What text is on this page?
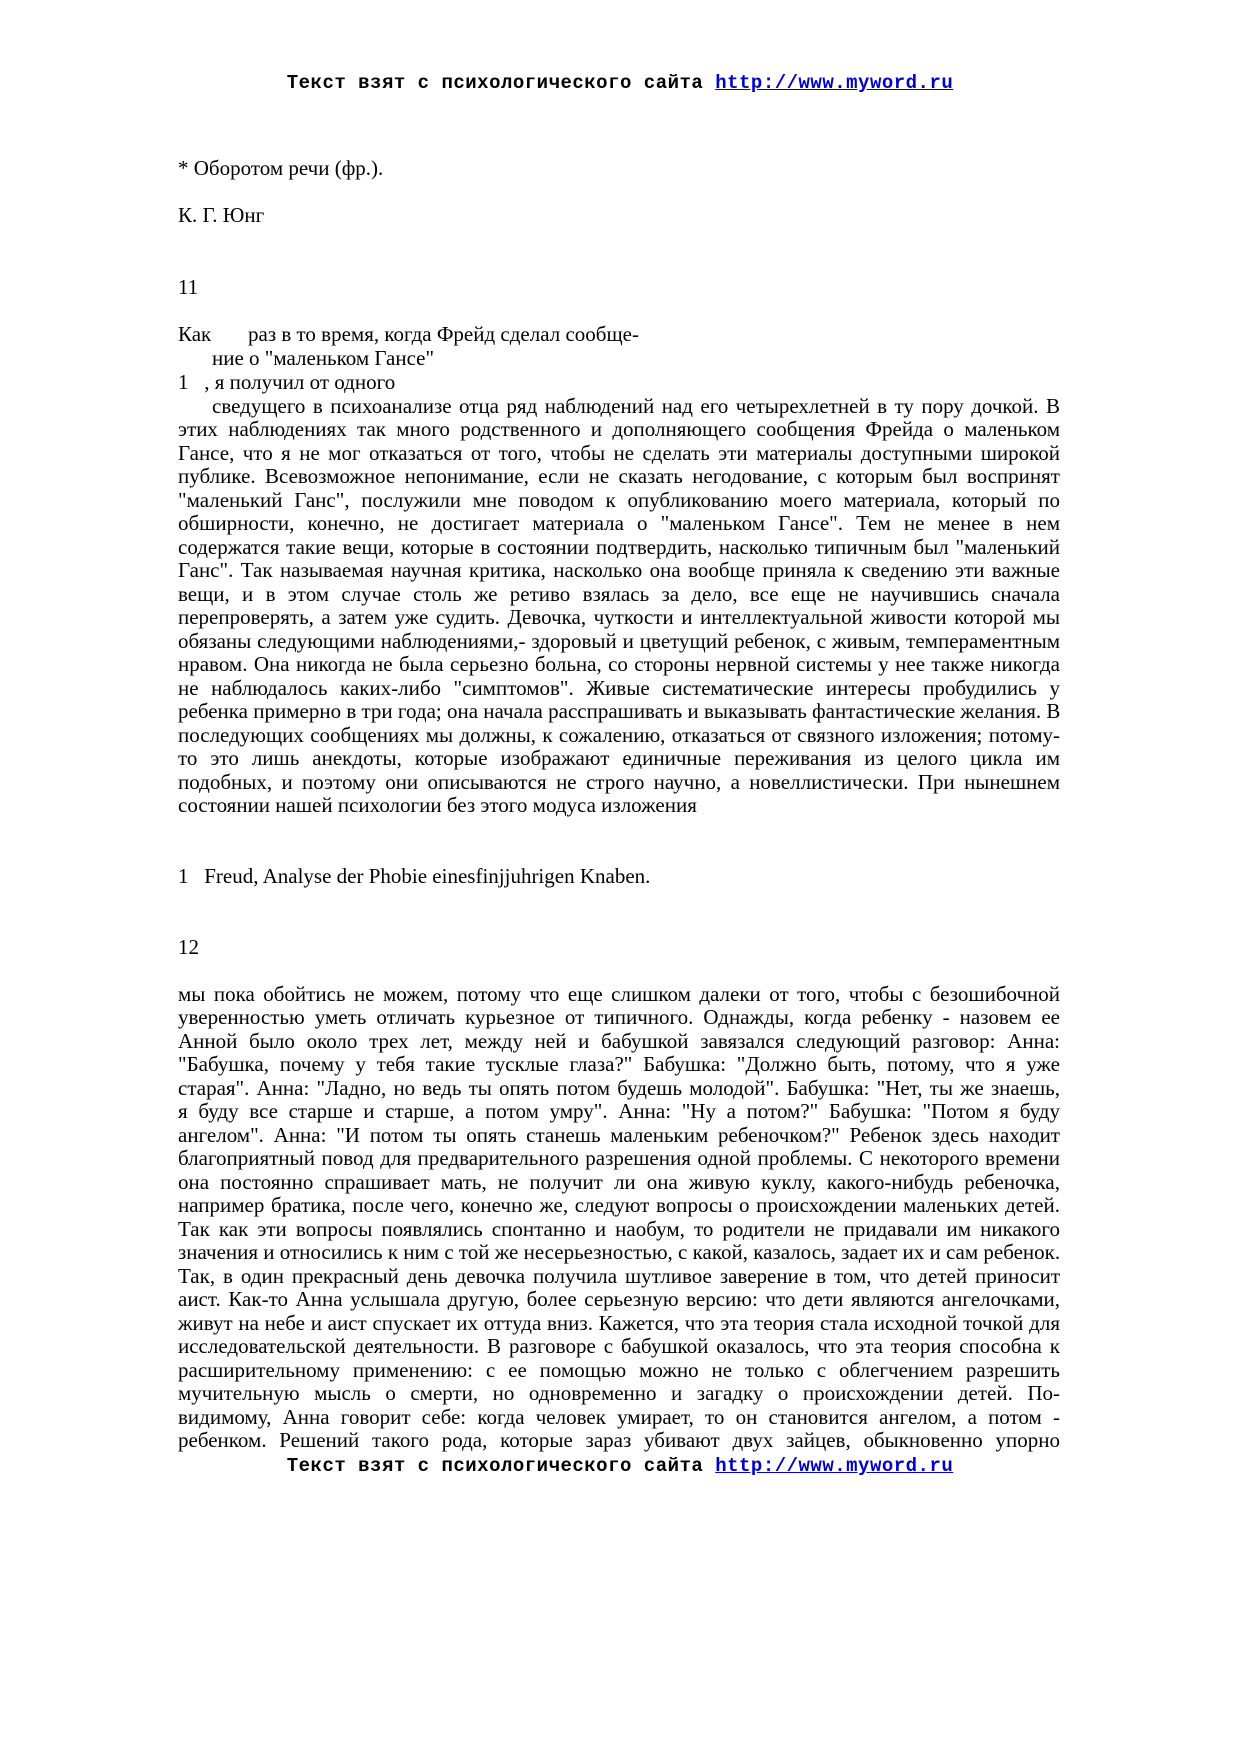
Текст взят с психологического сайта http://www.myword.ru
* Оборотом речи (фр.).
К. Г. Юнг
11
Как       раз в то время, когда Фрейд сделал сообще-
ние о "маленьком Гансе"
1   , я получил от одного
сведущего в психоанализе отца ряд наблюдений над его четырехлетней в ту пору дочкой. В
этих наблюдениях так много родственного и дополняющего сообщения Фрейда о маленьком
Гансе, что я не мог отказаться от того, чтобы не сделать эти материалы доступными широкой
публике. Всевозможное непонимание, если не сказать негодование, с которым был воспринят
"маленький Ганс", послужили мне поводом к опубликованию моего материала, который по
обширности, конечно, не достигает материала о "маленьком Гансе". Тем не менее в нем
содержатся такие вещи, которые в состоянии подтвердить, насколько типичным был "маленький
Ганс". Так называемая научная критика, насколько она вообще приняла к сведению эти важные
вещи, и в этом случае столь же ретиво взялась за дело, все еще не научившись сначала
перепроверять, а затем уже судить. Девочка, чуткости и интеллектуальной живости которой мы
обязаны следующими наблюдениями,- здоровый и цветущий ребенок, с живым, темпераментным
нравом. Она никогда не была серьезно больна, со стороны нервной системы у нее также никогда
не наблюдалось каких-либо "симптомов". Живые систематические интересы пробудились у
ребенка примерно в три года; она начала расспрашивать и выказывать фантастические желания. В
последующих сообщениях мы должны, к сожалению, отказаться от связного изложения; потому-
то это лишь анекдоты, которые изображают единичные переживания из целого цикла им
подобных, и поэтому они описываются не строго научно, а новеллистически. При нынешнем
состоянии нашей психологии без этого модуса изложения
1   Freud, Analyse der Phobie einesfinjjuhrigen Knaben.
12
мы пока обойтись не можем, потому что еще слишком далеки от того, чтобы с безошибочной
уверенностью уметь отличать курьезное от типичного. Однажды, когда ребенку - назовем ее
Анной было около трех лет, между ней и бабушкой завязался следующий разговор: Анна:
"Бабушка, почему у тебя такие тусклые глаза?" Бабушка: "Должно быть, потому, что я уже
старая". Анна: "Ладно, но ведь ты опять потом будешь молодой". Бабушка: "Нет, ты же знаешь,
я буду все старше и старше, а потом умру". Анна: "Ну а потом?" Бабушка: "Потом я буду
ангелом". Анна: "И потом ты опять станешь маленьким ребеночком?" Ребенок здесь находит
благоприятный повод для предварительного разрешения одной проблемы. С некоторого времени
она постоянно спрашивает мать, не получит ли она живую куклу, какого-нибудь ребеночка,
например братика, после чего, конечно же, следуют вопросы о происхождении маленьких детей.
Так как эти вопросы появлялись спонтанно и наобум, то родители не придавали им никакого
значения и относились к ним с той же несерьезностью, с какой, казалось, задает их и сам ребенок.
Так, в один прекрасный день девочка получила шутливое заверение в том, что детей приносит
аист. Как-то Анна услышала другую, более серьезную версию: что дети являются ангелочками,
живут на небе и аист спускает их оттуда вниз. Кажется, что эта теория стала исходной точкой для
исследовательской деятельности. В разговоре с бабушкой оказалось, что эта теория способна к
расширительному применению: с ее помощью можно не только с облегчением разрешить
мучительную мысль о смерти, но одновременно и загадку о происхождении детей. По-
видимому, Анна говорит себе: когда человек умирает, то он становится ангелом, а потом -
ребенком. Решений такого рода, которые зараз убивают двух зайцев, обыкновенно упорно
Текст взят с психологического сайта http://www.myword.ru
